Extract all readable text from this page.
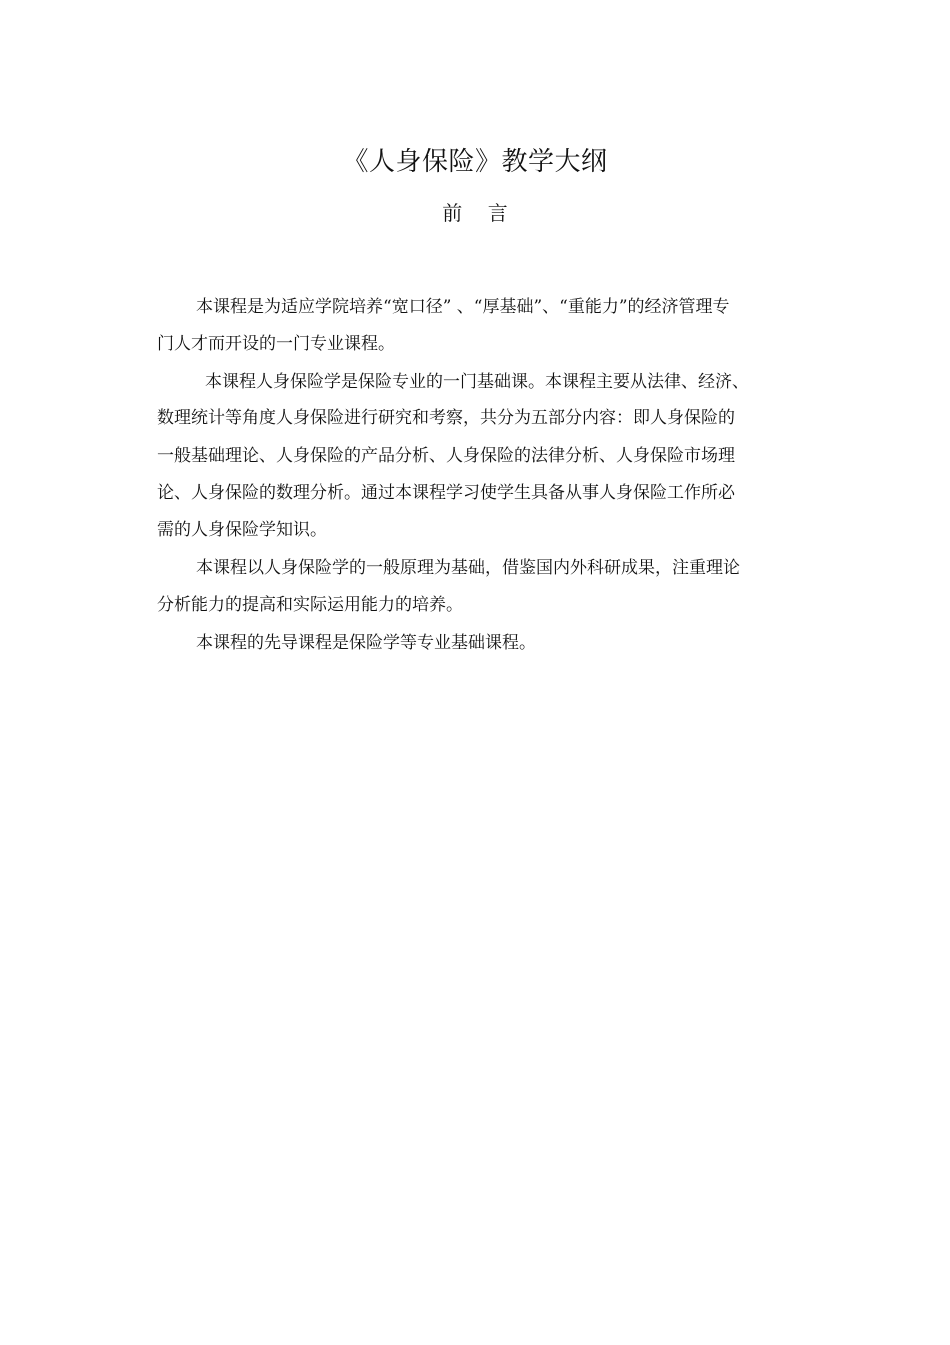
《人身保险》教学大纲
前    言
本课程是为适应学院培养“宽口径” 、“厚基础”、“重能力”的经济管理专
门人才而开设的一门专业课程。
本课程人身保险学是保险专业的一门基础课。本课程主要从法律、经济、
数理统计等角度人身保险进行研究和考察，共分为五部分内容：即人身保险的
一般基础理论、人身保险的产品分析、人身保险的法律分析、人身保险市场理
论、人身保险的数理分析。通过本课程学习使学生具备从事人身保险工作所必
需的人身保险学知识。
本课程以人身保险学的一般原理为基础，借鉴国内外科研成果，注重理论
分析能力的提高和实际运用能力的培养。
本课程的先导课程是保险学等专业基础课程。
